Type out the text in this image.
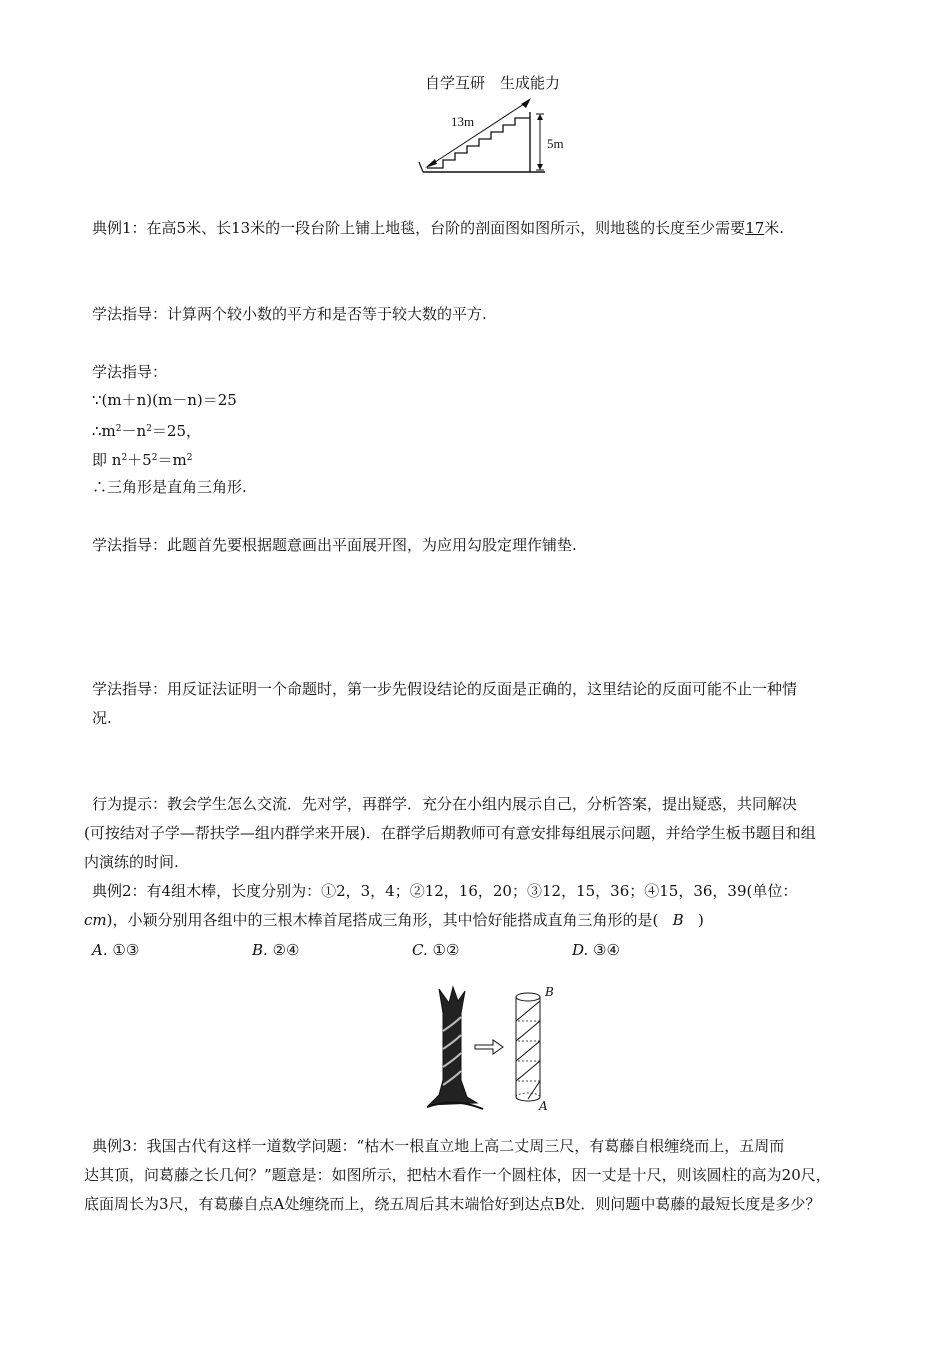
自学互研　生成能力
13m
5m
典例1：在高5米、长13米的一段台阶上铺上地毯，台阶的剖面图如图所示，则地毯的长度至少需要17米.
学法指导：计算两个较小数的平方和是否等于较大数的平方.
学法指导：
∵(m＋n)(m－n)＝25
$\therefore m^2-n^2=25$，
即 $n^2+5^2=m^2$
∴三角形是直角三角形.
学法指导：此题首先要根据题意画出平面展开图，为应用勾股定理作铺垫.
学法指导：用反证法证明一个命题时，第一步先假设结论的反面是正确的，这里结论的反面可能不止一种情
况.
行为提示：教会学生怎么交流．先对学，再群学．充分在小组内展示自己，分析答案，提出疑惑，共同解决
(可按结对子学—帮扶学—组内群学来开展)．在群学后期教师可有意安排每组展示问题，并给学生板书题目和组
内演练的时间.
典例2：有4组木棒，长度分别为：①2，3，4；②12，16，20；③12，15，36；④15，36，39(单位：
cm)，小颖分别用各组中的三根木棒首尾搭成三角形，其中恰好能搭成直角三角形的是( B )
A. ①③	B. ②④	C. ①②	D. ③④
B
A
典例3：我国古代有这样一道数学问题：“枯木一根直立地上高二丈周三尺，有葛藤自根缠绕而上，五周而
达其顶，问葛藤之长几何？”题意是：如图所示，把枯木看作一个圆柱体，因一丈是十尺，则该圆柱的高为20尺，
底面周长为3尺，有葛藤自点A处缠绕而上，绕五周后其末端恰好到达点B处．则问题中葛藤的最短长度是多少？
